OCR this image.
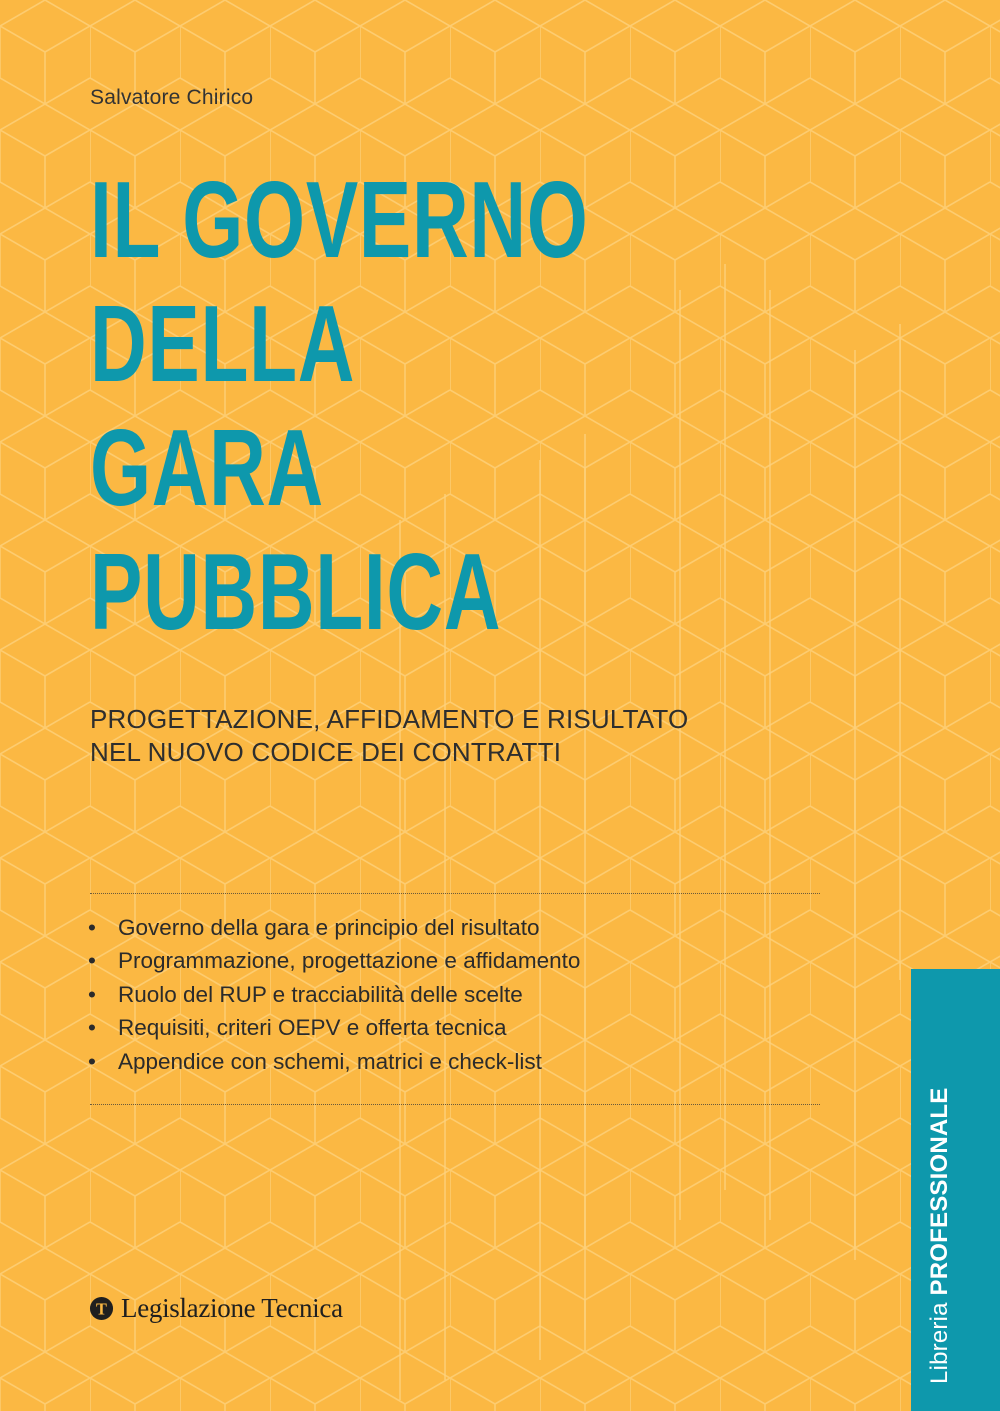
Salvatore Chirico
IL GOVERNO
DELLA
GARA
PUBBLICA
PROGETTAZIONE, AFFIDAMENTO E RISULTATO
NEL NUOVO CODICE DEI CONTRATTI
• Governo della gara e principio del risultato
• Programmazione, progettazione e affidamento
• Ruolo del RUP e tracciabilità delle scelte
• Requisiti, criteri OEPV e offerta tecnica
• Appendice con schemi, matrici e check-list
T Legislazione Tecnica	Libreria PROFESSIONALE
